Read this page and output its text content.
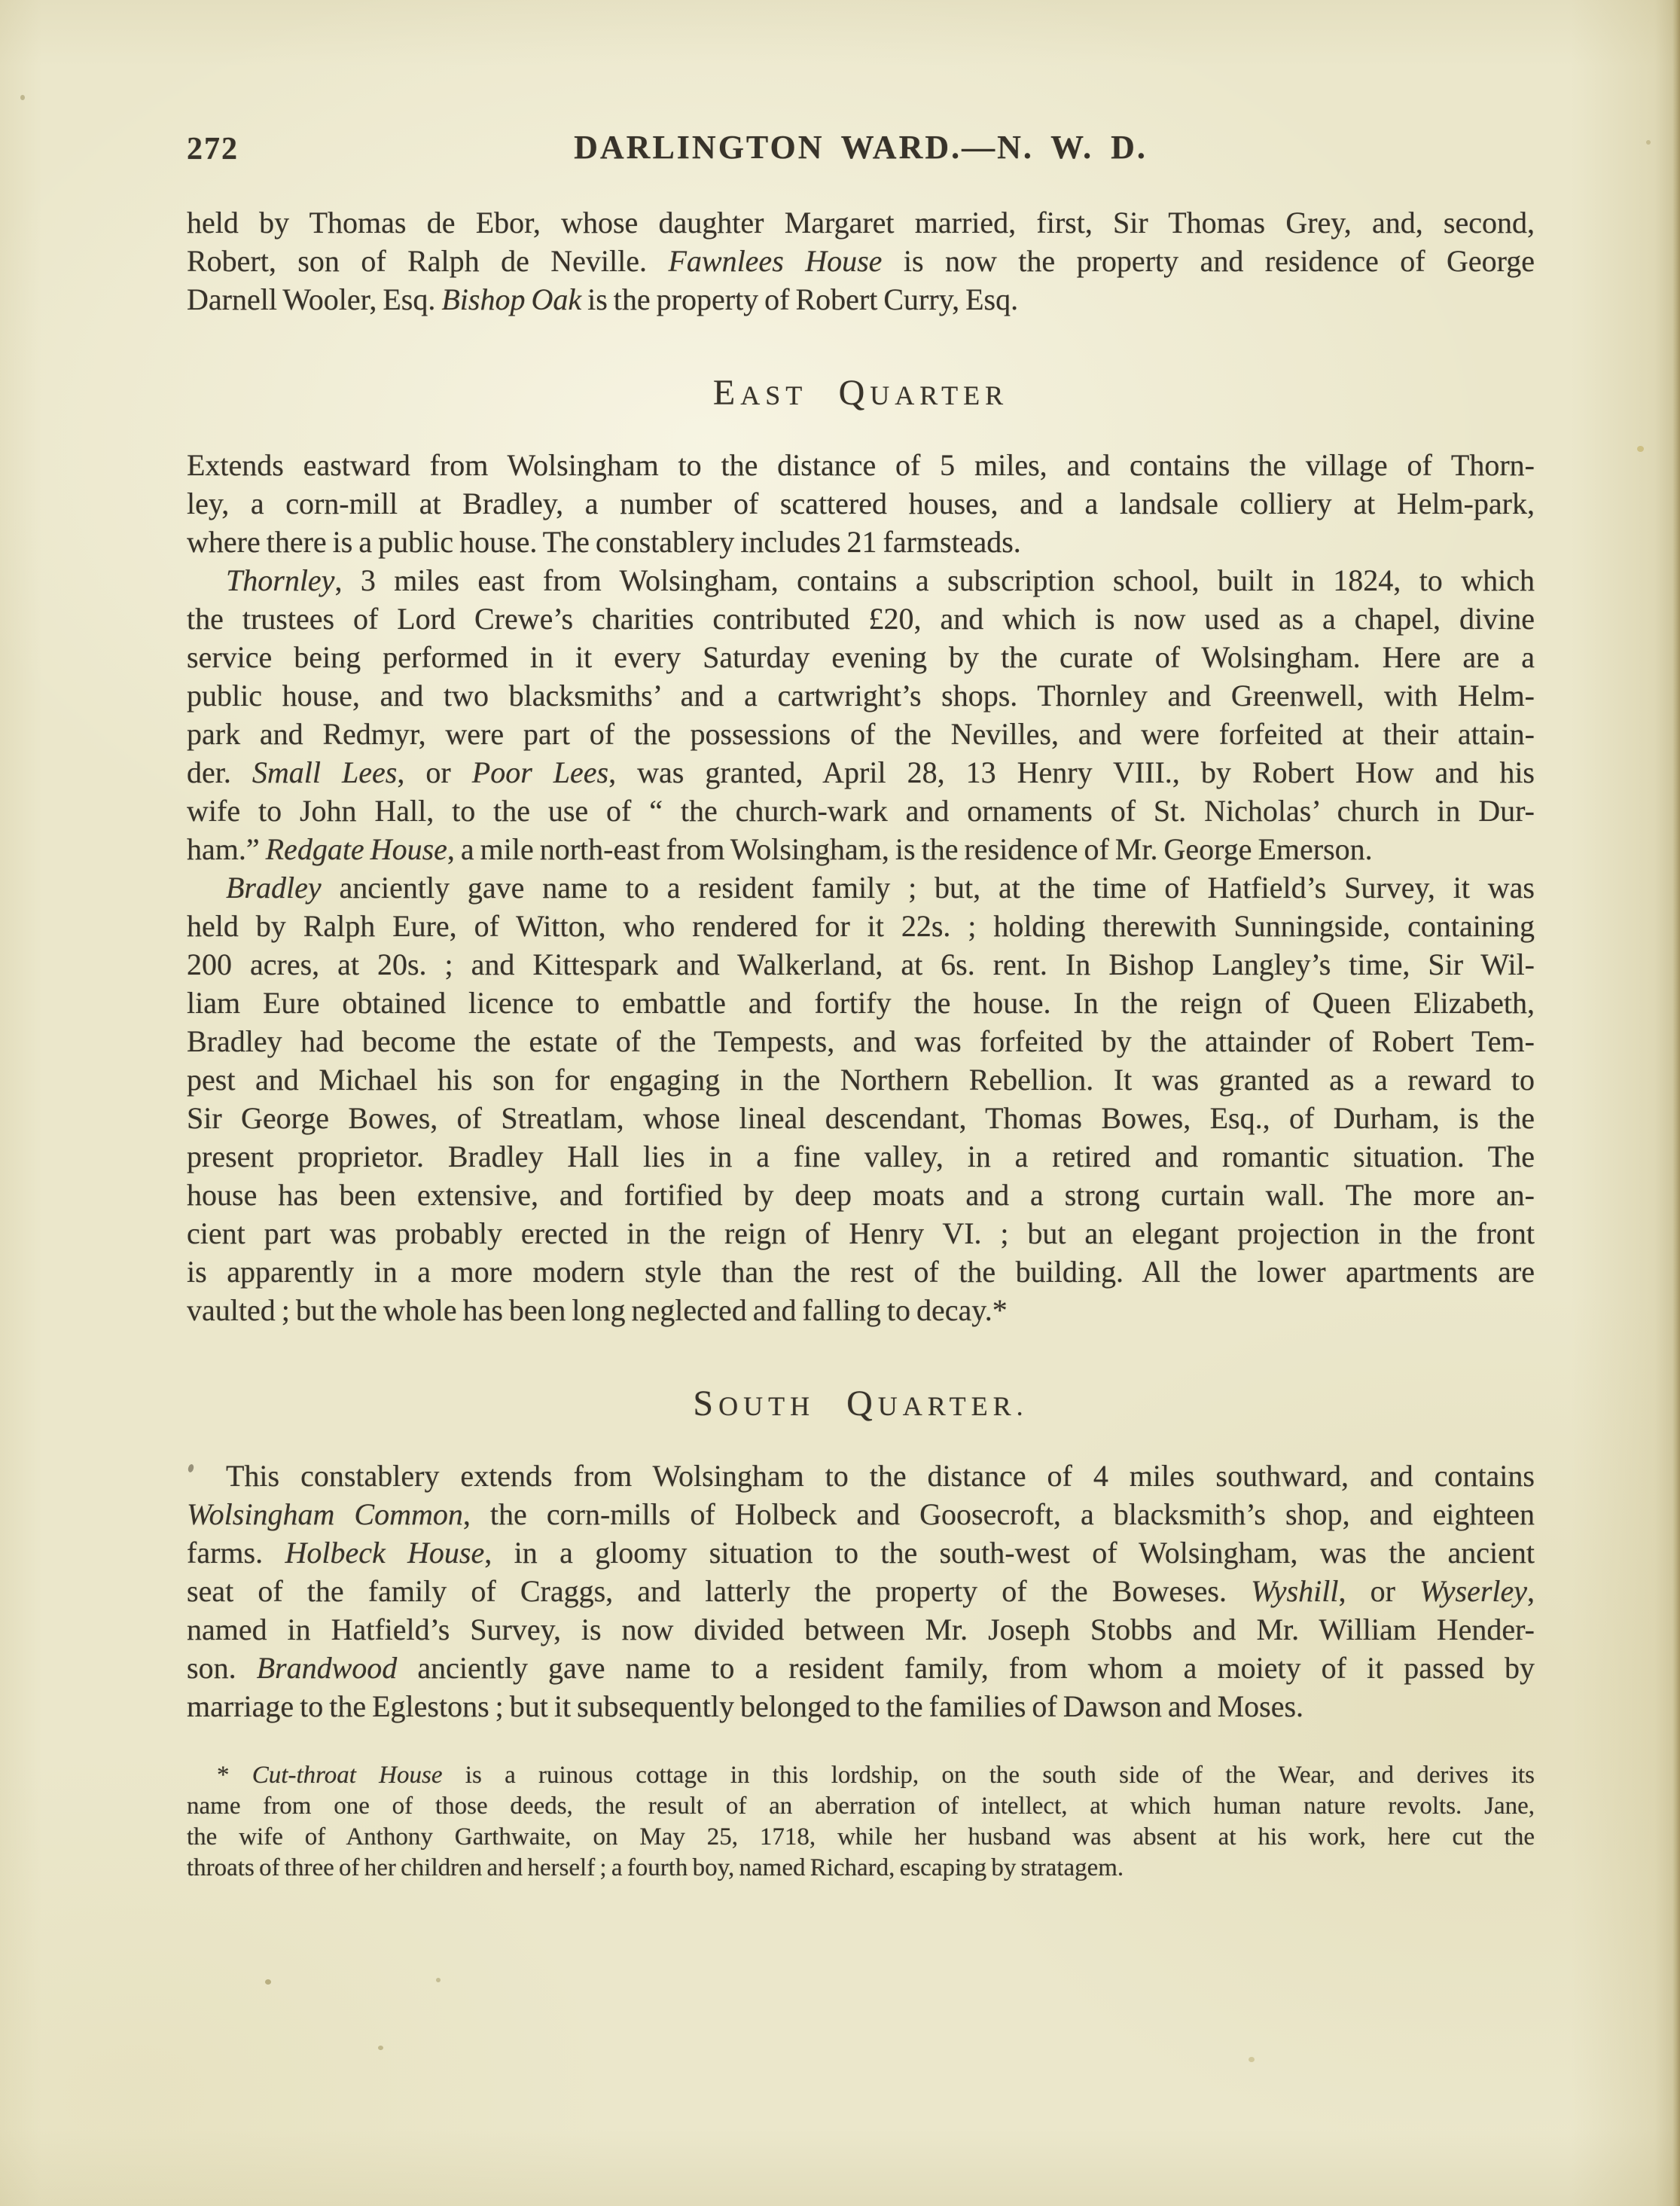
272	DARLINGTON WARD.—N. W. D.

held by Thomas de Ebor, whose daughter Margaret married, first, Sir Thomas Grey, and, second,
Robert, son of Ralph de Neville. Fawnlees House is now the property and residence of George
Darnell Wooler, Esq. Bishop Oak is the property of Robert Curry, Esq.

EAST QUARTER

Extends eastward from Wolsingham to the distance of 5 miles, and contains the village of Thorn-
ley, a corn-mill at Bradley, a number of scattered houses, and a landsale colliery at Helm-park,
where there is a public house. The constablery includes 21 farmsteads.

Thornley, 3 miles east from Wolsingham, contains a subscription school, built in 1824, to which
the trustees of Lord Crewe’s charities contributed £20, and which is now used as a chapel, divine
service being performed in it every Saturday evening by the curate of Wolsingham. Here are a
public house, and two blacksmiths’ and a cartwright’s shops. Thornley and Greenwell, with Helm-
park and Redmyr, were part of the possessions of the Nevilles, and were forfeited at their attain-
der. Small Lees, or Poor Lees, was granted, April 28, 13 Henry VIII., by Robert How and his
wife to John Hall, to the use of “ the church-wark and ornaments of St. Nicholas’ church in Dur-
ham.” Redgate House, a mile north-east from Wolsingham, is the residence of Mr. George Emerson.

Bradley anciently gave name to a resident family ; but, at the time of Hatfield’s Survey, it was
held by Ralph Eure, of Witton, who rendered for it 22s. ; holding therewith Sunningside, containing
200 acres, at 20s. ; and Kittespark and Walkerland, at 6s. rent. In Bishop Langley’s time, Sir Wil-
liam Eure obtained licence to embattle and fortify the house. In the reign of Queen Elizabeth,
Bradley had become the estate of the Tempests, and was forfeited by the attainder of Robert Tem-
pest and Michael his son for engaging in the Northern Rebellion. It was granted as a reward to
Sir George Bowes, of Streatlam, whose lineal descendant, Thomas Bowes, Esq., of Durham, is the
present proprietor. Bradley Hall lies in a fine valley, in a retired and romantic situation. The
house has been extensive, and fortified by deep moats and a strong curtain wall. The more an-
cient part was probably erected in the reign of Henry VI. ; but an elegant projection in the front
is apparently in a more modern style than the rest of the building. All the lower apartments are
vaulted ; but the whole has been long neglected and falling to decay.*

SOUTH QUARTER.

This constablery extends from Wolsingham to the distance of 4 miles southward, and contains
Wolsingham Common, the corn-mills of Holbeck and Goosecroft, a blacksmith’s shop, and eighteen
farms. Holbeck House, in a gloomy situation to the south-west of Wolsingham, was the ancient
seat of the family of Craggs, and latterly the property of the Boweses. Wyshill, or Wyserley,
named in Hatfield’s Survey, is now divided between Mr. Joseph Stobbs and Mr. William Hender-
son. Brandwood anciently gave name to a resident family, from whom a moiety of it passed by
marriage to the Eglestons ; but it subsequently belonged to the families of Dawson and Moses.

* Cut-throat House is a ruinous cottage in this lordship, on the south side of the Wear, and derives its
name from one of those deeds, the result of an aberration of intellect, at which human nature revolts. Jane,
the wife of Anthony Garthwaite, on May 25, 1718, while her husband was absent at his work, here cut the
throats of three of her children and herself ; a fourth boy, named Richard, escaping by stratagem.
